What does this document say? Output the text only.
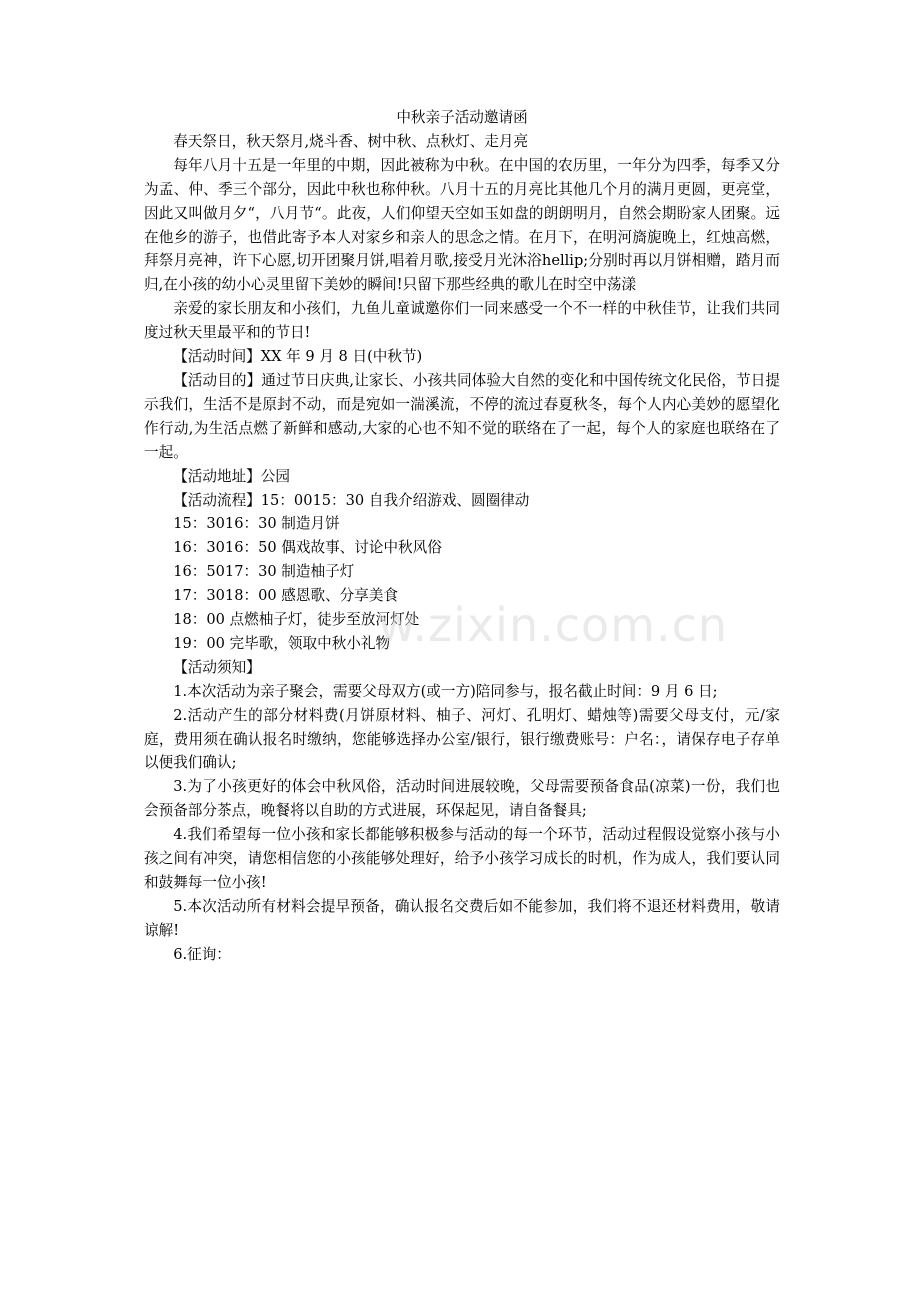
中秋亲子活动邀请函

春天祭日，秋天祭月,烧斗香、树中秋、点秋灯、走月亮

每年八月十五是一年里的中期，因此被称为中秋。在中国的农历里，一年分为四季，每季又分为孟、仲、季三个部分，因此中秋也称仲秋。八月十五的月亮比其他几个月的满月更圆，更亮堂，因此又叫做月夕“，八月节“。此夜，人们仰望天空如玉如盘的朗朗明月，自然会期盼家人团聚。远在他乡的游子，也借此寄予本人对家乡和亲人的思念之情。在月下，在明河旖旎晚上，红烛高燃，拜祭月亮神，许下心愿,切开团聚月饼,唱着月歌,接受月光沐浴hellip;分别时再以月饼相赠，踏月而归,在小孩的幼小心灵里留下美妙的瞬间!只留下那些经典的歌儿在时空中荡漾

亲爱的家长朋友和小孩们，九鱼儿童诚邀你们一同来感受一个不一样的中秋佳节，让我们共同度过秋天里最平和的节日!

【活动时间】XX 年 9 月 8 日(中秋节)

【活动目的】通过节日庆典,让家长、小孩共同体验大自然的变化和中国传统文化民俗，节日提示我们，生活不是原封不动，而是宛如一湍溪流，不停的流过春夏秋冬，每个人内心美妙的愿望化作行动,为生活点燃了新鲜和感动,大家的心也不知不觉的联络在了一起，每个人的家庭也联络在了一起。

【活动地址】公园

【活动流程】15：0015：30 自我介绍游戏、圆圈律动

15：3016：30 制造月饼

16：3016：50 偶戏故事、讨论中秋风俗

16：5017：30 制造柚子灯

17：3018：00 感恩歌、分享美食

18：00 点燃柚子灯，徒步至放河灯处

19：00 完毕歌，领取中秋小礼物

【活动须知】

1.本次活动为亲子聚会，需要父母双方(或一方)陪同参与，报名截止时间：9 月 6 日;

2.活动产生的部分材料费(月饼原材料、柚子、河灯、孔明灯、蜡烛等)需要父母支付，元/家庭，费用须在确认报名时缴纳，您能够选择办公室/银行，银行缴费账号：户名：，请保存电子存单以便我们确认;

3.为了小孩更好的体会中秋风俗，活动时间进展较晚，父母需要预备食品(凉菜)一份，我们也会预备部分茶点，晚餐将以自助的方式进展，环保起见，请自备餐具;

4.我们希望每一位小孩和家长都能够积极参与活动的每一个环节，活动过程假设觉察小孩与小孩之间有冲突，请您相信您的小孩能够处理好，给予小孩学习成长的时机，作为成人，我们要认同和鼓舞每一位小孩!

5.本次活动所有材料会提早预备，确认报名交费后如不能参加，我们将不退还材料费用，敬请谅解!

6.征询：

w.zixin.com.cn
